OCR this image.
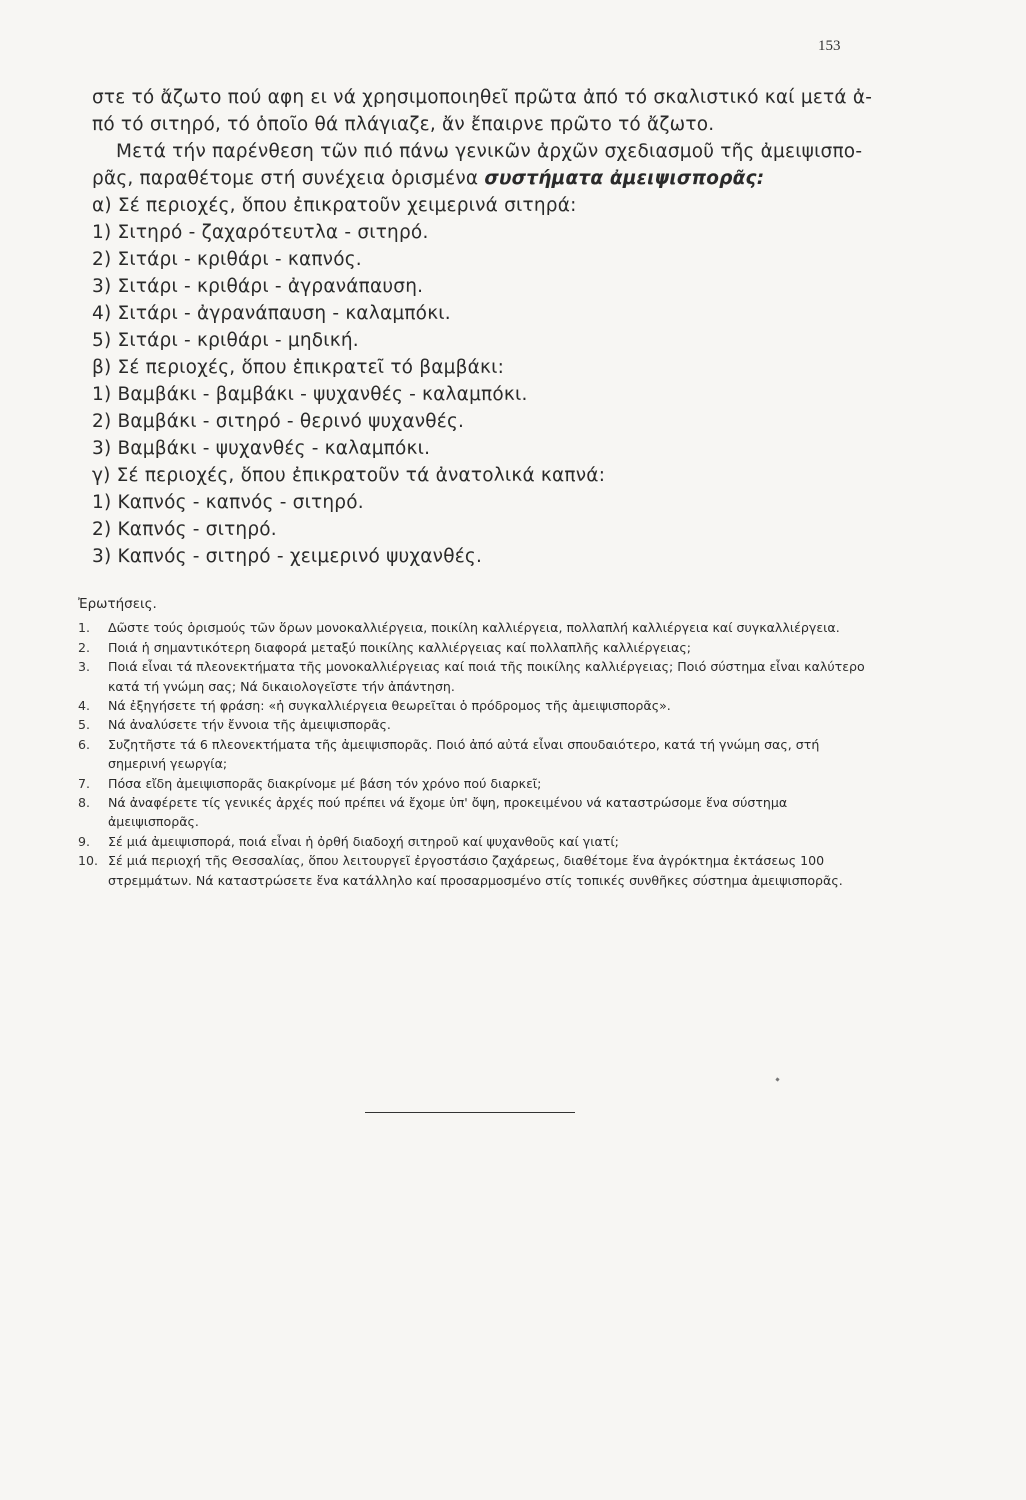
153

στε τό ἄζωτο πού αφη ει νά χρησιμοποιηθεῖ πρῶτα ἀπό τό σκαλιστικό καί μετά ἀ-

πό τό σιτηρό, τό ὁποῖο θά πλάγιαζε, ἄν ἔπαιρνε πρῶτο τό ἄζωτο.

Μετά τήν παρένθεση τῶν πιό πάνω γενικῶν ἀρχῶν σχεδιασμοῦ τῆς ἀμειψισπο-

ρᾶς, παραθέτομε στή συνέχεια ὁρισμένα συστήματα ἀμειψισπορᾶς:

α) Σέ περιοχές, ὅπου ἐπικρατοῦν χειμερινά σιτηρά:

1) Σιτηρό - ζαχαρότευτλα - σιτηρό.

2) Σιτάρι - κριθάρι - καπνός.

3) Σιτάρι - κριθάρι - ἀγρανάπαυση.

4) Σιτάρι - ἀγρανάπαυση - καλαμπόκι.

5) Σιτάρι - κριθάρι - μηδική.

β) Σέ περιοχές, ὅπου ἐπικρατεῖ τό βαμβάκι:

1) Βαμβάκι - βαμβάκι - ψυχανθές - καλαμπόκι.

2) Βαμβάκι - σιτηρό - θερινό ψυχανθές.

3) Βαμβάκι - ψυχανθές - καλαμπόκι.

γ) Σέ περιοχές, ὅπου ἐπικρατοῦν τά ἀνατολικά καπνά:

1) Καπνός - καπνός - σιτηρό.

2) Καπνός - σιτηρό.

3) Καπνός - σιτηρό - χειμερινό ψυχανθές.

Ἐρωτήσεις.
1.	Δῶστε τούς ὁρισμούς τῶν ὅρων μονοκαλλιέργεια, ποικίλη καλλιέργεια, πολλαπλή καλλιέργεια καί συγκαλλιέργεια.
2.	Ποιά ἡ σημαντικότερη διαφορά μεταξύ ποικίλης καλλιέργειας καί πολλαπλῆς καλλιέργειας;
3.	Ποιά εἶναι τά πλεονεκτήματα τῆς μονοκαλλιέργειας καί ποιά τῆς ποικίλης καλλιέργειας; Ποιό σύστημα εἶναι καλύτερο κατά τή γνώμη σας; Νά δικαιολογεῖστε τήν ἀπάντηση.
4.	Νά ἐξηγήσετε τή φράση: «ἡ συγκαλλιέργεια θεωρεῖται ὁ πρόδρομος τῆς ἀμειψισπορᾶς».
5.	Νά ἀναλύσετε τήν ἔννοια τῆς ἀμειψισπορᾶς.
6.	Συζητῆστε τά 6 πλεονεκτήματα τῆς ἀμειψισπορᾶς. Ποιό ἀπό αὐτά εἶναι σπουδαιότερο, κατά τή γνώμη σας, στή σημερινή γεωργία;
7.	Πόσα εἴδη ἀμειψισπορᾶς διακρίνομε μέ βάση τόν χρόνο πού διαρκεῖ;
8.	Νά ἀναφέρετε τίς γενικές ἀρχές πού πρέπει νά ἔχομε ὑπ' ὄψη, προκειμένου νά καταστρώσομε ἕνα σύστημα ἀμειψισπορᾶς.
9.	Σέ μιά ἀμειψισπορά, ποιά εἶναι ἡ ὀρθή διαδοχή σιτηροῦ καί ψυχανθοῦς καί γιατί;
10. Σέ μιά περιοχή τῆς Θεσσαλίας, ὅπου λειτουργεῖ ἐργοστάσιο ζαχάρεως, διαθέτομε ἕνα ἀγρόκτημα ἐκτάσεως 100 στρεμμάτων. Νά καταστρώσετε ἕνα κατάλληλο καί προσαρμοσμένο στίς τοπικές συνθῆκες σύστημα ἀμειψισπορᾶς.
